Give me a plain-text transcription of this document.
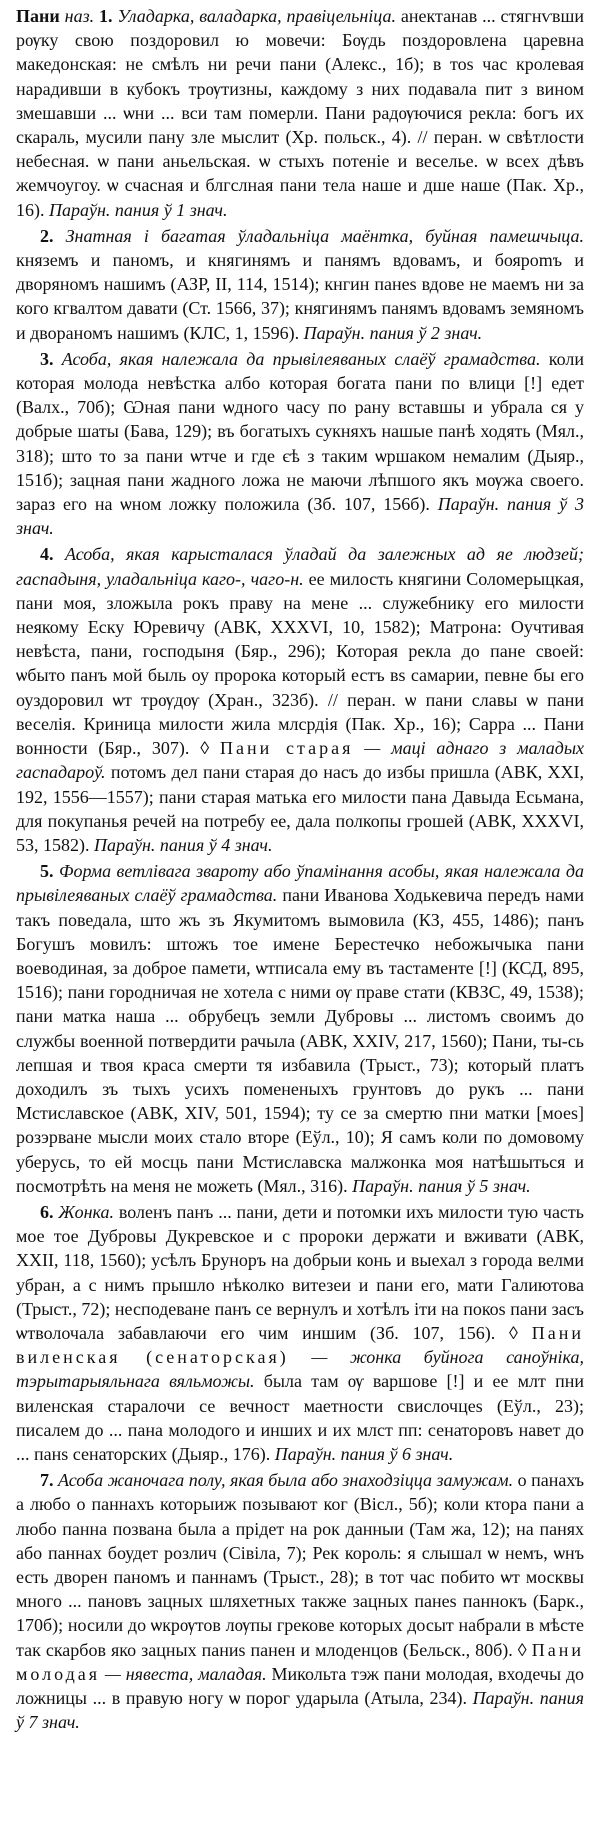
Пани наз. 1. Уладарка, валадарка, правіцельніца. анектанав ... стягнѵвши рѹку свою поздоровил ю мовечи: Бѹдь поздоровлена царевна македонская: не смѣлъ ни речи пани (Алекс., 1б); в тоѕ час кролевая нарадивши в кубокъ трѹтизны, каждому з них подавала пит з вином змешавши ... ѡни ... вси там померли. Пани радѹючися рекла: богъ их скараль, мусили пану зле мыслит (Хр. польск., 4). // перан. ѡ свѣтлости небесная. ѡ пани аньельская. ѡ стыхъ потеніе и веселье. ѡ всех дѣвъ жемчоугоу. ѡ счасная и блгслная пани тела наше и дше наше (Пак. Хр., 16). Параўн. пания ў 1 знач.

2. Знатная і багатая ўладальніца маёнтка, буйная памешчыца. княземъ и паномъ, и княгинямъ и панямъ вдовамъ, и боярomъ и дворяномъ нашимъ (АЗР, II, 114, 1514); кнгин панеѕ вдовe не маемъ ни за кого кгвалтом давати (Ст. 1566, 37); княгинямъ панямъ вдовамъ земяномъ и двораномъ нашимъ (КЛС, 1, 1596). Параўн. пания ў 2 знач.

3. Асоба, якая належала да прывілеяваных слаёў грамадства. коли которая молода невѣстка албо которая богата пани по влици [!] едет (Валх., 70б); Ѡная пани ѡдного часу по рану вставшы и убрала ся у добрые шаты (Бава, 129); въ богатыхъ сукняхъ нашые панѣ ходять (Мял., 318); што то за пани ѡтче и где єѣ з таким ѡршаком немалим (Дыяр., 151б); зацная пани жадного ложа не маючи лѣпшого якъ мѹжа своего. зараз его на ѡном ложку положила (Зб. 107, 156б). Параўн. пания ў 3 знач.

4. Асоба, якая карысталася ўладай да залежных ад яе людзей; гаспадыня, уладальніца каго-, чаго-н. ее милость княгини Соломерыцкая, пани моя, зложыла рокъ праву на мене ... служебнику его милости неякому Еску Юревичу (АВК, XXXVI, 10, 1582); Матрона: Оучтивая невѣста, пани, господыня (Бяр., 296); Которая рекла до пане своей: ѡбыто панъ мой быль оу пророка который естъ вѕ самарии, певне бы его оуздоровил ѡт трѹдѹ (Хран., 323б). // перан. ѡ пани славы ѡ пани веселія. Криница милости жила млсрдія (Пак. Хр., 16); Сарра ... Пани вонности (Бяр., 307). ◊ Пани старая — маці аднаго з маладых гаспадароў. потомъ дел пани старая до насъ до избы пришла (АВК, XXI, 192, 1556—1557); пани старая матька его милости пана Давыда Есьмана, для покупанья речей на потребу ее, дала полкопы грошей (АВК, XXXVI, 53, 1582). Параўн. пания ў 4 знач.

5. Форма ветлівага звароту або ўпамінання асобы, якая належала да прывілеяваных слаёў грамадства. пани Иванова Ходькевича передъ нами такъ поведала, што жъ зъ Якумитомъ вымовила (КЗ, 455, 1486); панъ Богушъ мовилъ: штожъ тое имене Берестечко небожычыка пани воеводиная, за доброе памети, ѡтписала ему въ тастаментe [!] (КСД, 895, 1516); пани городничая не хотела с ними ѹ праве стати (КВЗС, 49, 1538); пани матка наша ... обрубецъ земли Дубровы ... листомъ своимъ до службы военной потвердити рачыла (АВК, XXIV, 217, 1560); Пани, ты-сь лепшая и твоя краса смерти тя избавила (Трыст., 73); который платъ доходилъ зъ тыхъ усихъ помененыхъ грунтовъ до рукъ ... пани Мстиславское (АВК, XIV, 501, 1594); ту се за смертю пни матки [моеѕ] розэрване мысли моих стало вторе (Еўл., 10); Я самъ коли по домовому уберусь, то ей мосць пани Мстиславска малжонка моя натѣшыться и посмотрѣть на меня не можеть (Мял., 316). Параўн. пания ў 5 знач.

6. Жонка. воленъ панъ ... пани, дети и потомки ихъ милости тую часть мое тое Дубровы Дукревское и с пророки держати и вживати (АВК, XXII, 118, 1560); усѣлъ Бруноръ на добрыи конь и выехал з города велми убран, а с нимъ прышло нѣколко витезеи и пани его, мати Галиютова (Трыст., 72); несподеване панъ се вернулъ и хотѣлъ iти на покоѕ пани засъ ѡтволочала забавлаючи его чим иншим (Зб. 107, 156). ◊ Пани виленская (сенаторская) — жонка буйнога саноўніка, тэрытарыяльнага вяльможы. была там ѹ варшове [!] и ее млт пни виленская старалочи се вечност маетности свислочцеѕ (Еўл., 23); писалем до ... пана молодого и инших и их млст пп: сенаторовъ навет до ... панѕ сенаторских (Дыяр., 176). Параўн. пания ў 6 знач.

7. Асоба жаночага полу, якая была або знаходзіцца замужам. о панахъ а любо о паннахъ которыиж позывают ког (Вісл., 5б); коли ктора пани а любо панна позвана была а прідет на рок данныи (Там жа, 12); на панях або паннах боудет розлич (Сівіла, 7); Рек король: я слышал ѡ немъ, ѡнъ есть дворен паномъ и паннамъ (Трыст., 28); в тот час побито ѡт москвы много ... пановъ зацных шляхетных также зацных панеѕ паннокъ (Барк., 170б); носили до ѡкрѹтов лѹпы грекове которых досыт набрали в мѣсте так скарбов яко зацных паниѕ панен и млоденцов (Бельск., 80б). ◊ Пани молодая — нявеста, маладая. Микольта тэж пани молодая, входечы до ложницы ... в правую ногу ѡ порог ударыла (Атыла, 234). Параўн. пания ў 7 знач.
